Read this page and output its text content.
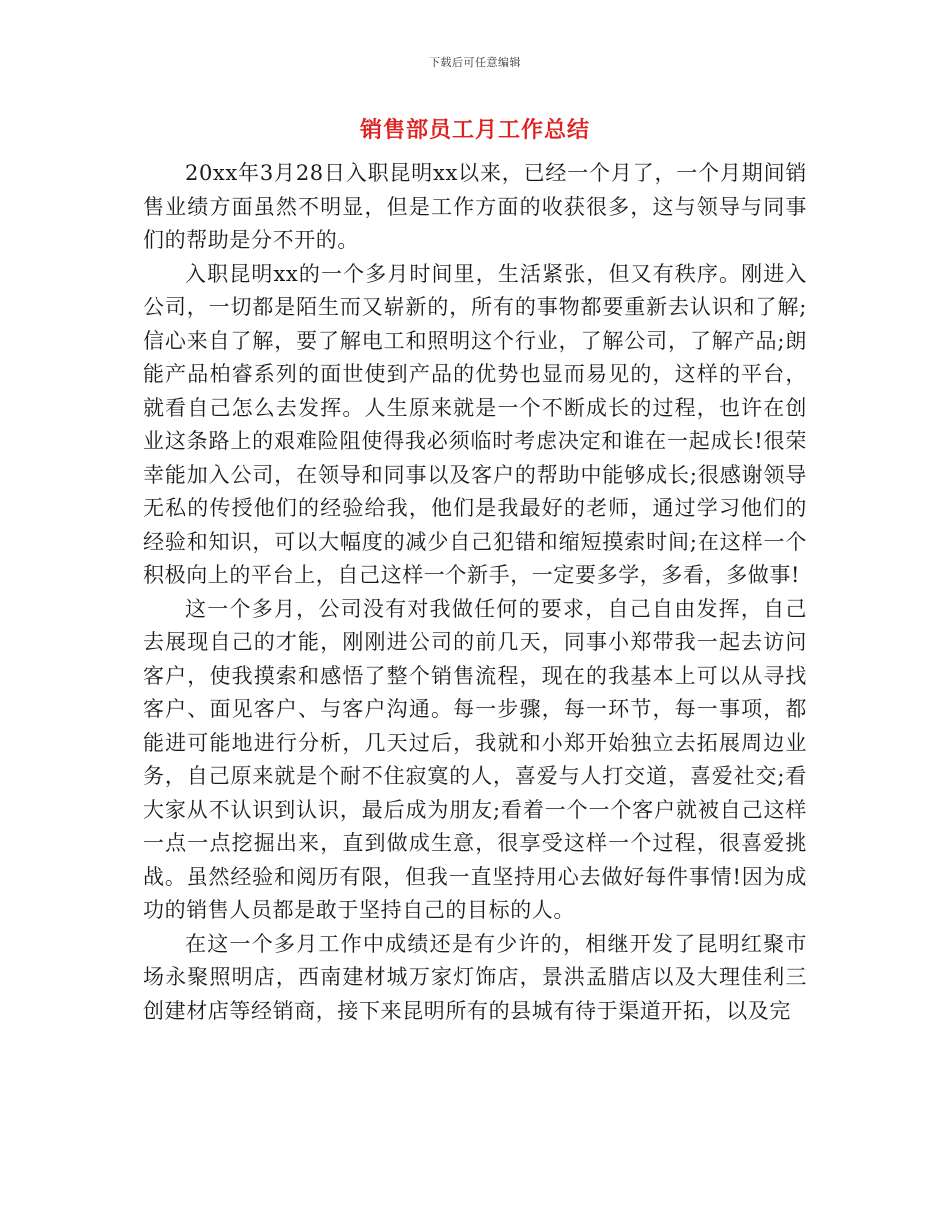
下载后可任意编辑
销售部员工月工作总结

20xx年3月28日入职昆明xx以来，已经一个月了，一个月期间销售业绩方面虽然不明显，但是工作方面的收获很多，这与领导与同事们的帮助是分不开的。

入职昆明xx的一个多月时间里，生活紧张，但又有秩序。刚进入公司，一切都是陌生而又崭新的，所有的事物都要重新去认识和了解;信心来自了解，要了解电工和照明这个行业，了解公司，了解产品;朗能产品柏睿系列的面世使到产品的优势也显而易见的，这样的平台，就看自己怎么去发挥。人生原来就是一个不断成长的过程，也许在创业这条路上的艰难险阻使得我必须临时考虑决定和谁在一起成长!很荣幸能加入公司，在领导和同事以及客户的帮助中能够成长;很感谢领导无私的传授他们的经验给我，他们是我最好的老师，通过学习他们的经验和知识，可以大幅度的减少自己犯错和缩短摸索时间;在这样一个积极向上的平台上，自己这样一个新手，一定要多学，多看，多做事!

这一个多月，公司没有对我做任何的要求，自己自由发挥，自己去展现自己的才能，刚刚进公司的前几天，同事小郑带我一起去访问客户，使我摸索和感悟了整个销售流程，现在的我基本上可以从寻找客户、面见客户、与客户沟通。每一步骤，每一环节，每一事项，都能进可能地进行分析，几天过后，我就和小郑开始独立去拓展周边业务，自己原来就是个耐不住寂寞的人，喜爱与人打交道，喜爱社交;看大家从不认识到认识，最后成为朋友;看着一个一个客户就被自己这样一点一点挖掘出来，直到做成生意，很享受这样一个过程，很喜爱挑战。虽然经验和阅历有限，但我一直坚持用心去做好每件事情!因为成功的销售人员都是敢于坚持自己的目标的人。

在这一个多月工作中成绩还是有少许的，相继开发了昆明红聚市场永聚照明店，西南建材城万家灯饰店，景洪孟腊店以及大理佳利三创建材店等经销商，接下来昆明所有的县城有待于渠道开拓，以及完
